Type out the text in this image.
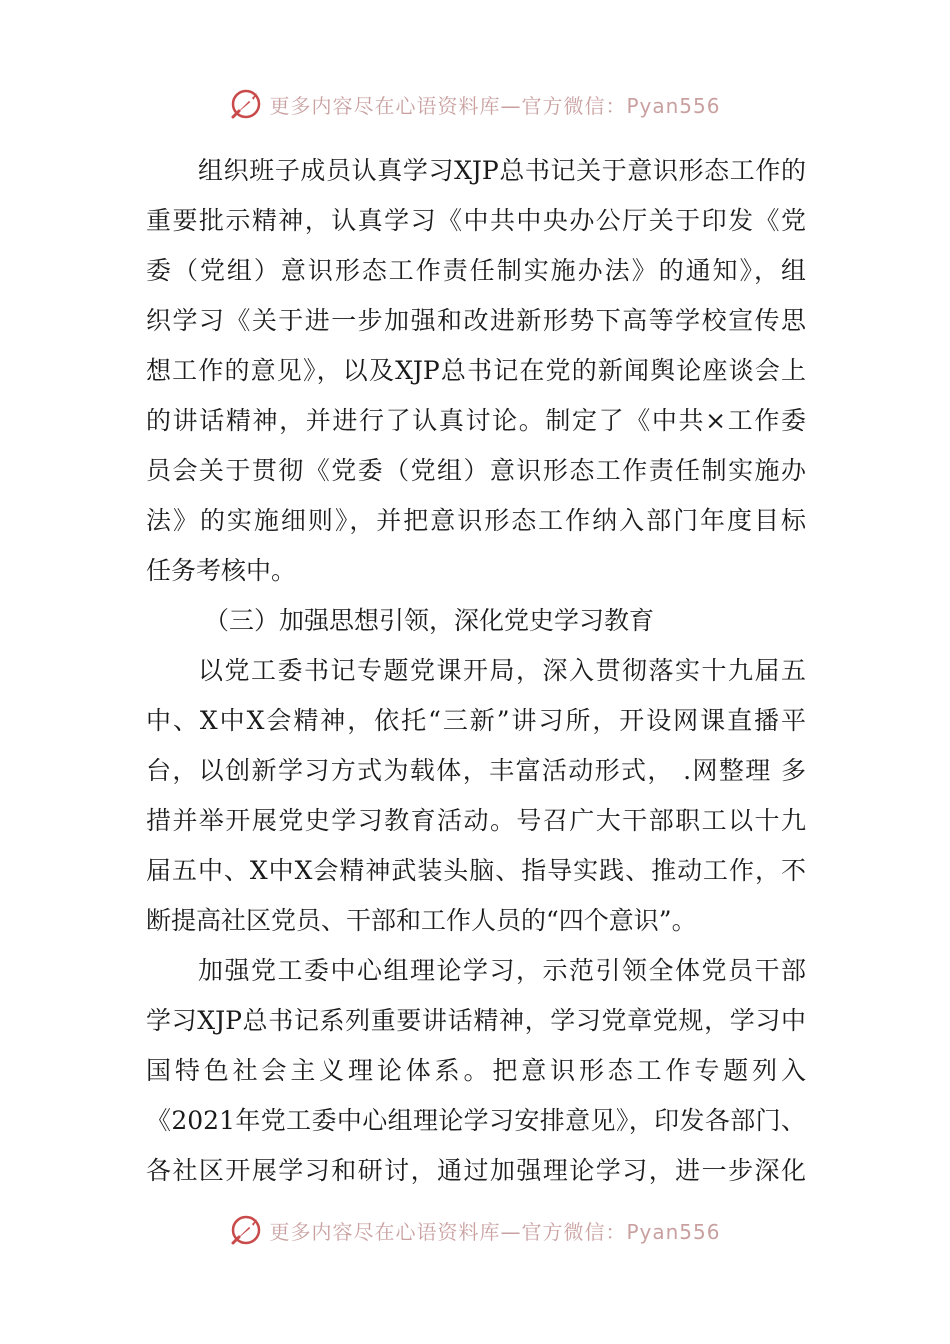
更多内容尽在心语资料库—官方微信：Pyan556
组织班子成员认真学习XJP总书记关于意识形态工作的
重要批示精神，认真学习《中共中央办公厅关于印发《党
委（党组）意识形态工作责任制实施办法》的通知》，组
织学习《关于进一步加强和改进新形势下高等学校宣传思
想工作的意见》，以及XJP总书记在党的新闻舆论座谈会上
的讲话精神，并进行了认真讨论。制定了《中共×工作委
员会关于贯彻《党委（党组）意识形态工作责任制实施办
法》的实施细则》，并把意识形态工作纳入部门年度目标
任务考核中。
（三）加强思想引领，深化党史学习教育
以党工委书记专题党课开局，深入贯彻落实十九届五
中、X中X会精神，依托“三新”讲习所，开设网课直播平
台，以创新学习方式为载体，丰富活动形式， .网整理 多
措并举开展党史学习教育活动。号召广大干部职工以十九
届五中、X中X会精神武装头脑、指导实践、推动工作，不
断提高社区党员、干部和工作人员的“四个意识”。
加强党工委中心组理论学习，示范引领全体党员干部
学习XJP总书记系列重要讲话精神，学习党章党规，学习中
国特色社会主义理论体系。把意识形态工作专题列入
《2021年党工委中心组理论学习安排意见》，印发各部门、
各社区开展学习和研讨，通过加强理论学习，进一步深化
更多内容尽在心语资料库—官方微信：Pyan556
